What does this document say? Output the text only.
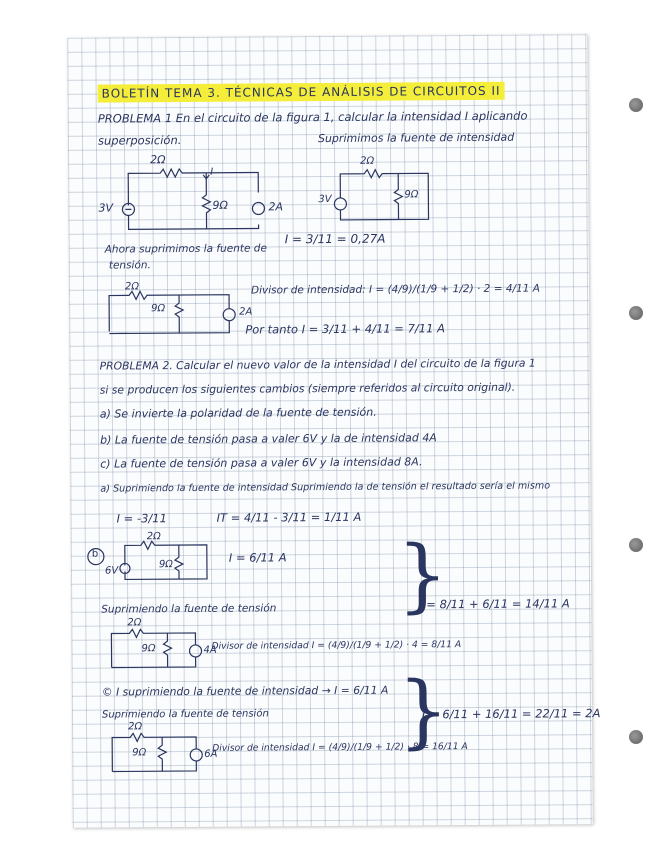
BOLETÍN TEMA 3. TÉCNICAS DE ANÁLISIS DE CIRCUITOS II
PROBLEMA 1 En el circuito de la figura 1, calcular la intensidad I aplicando
superposición.	Suprimimos la fuente de intensidad
2Ω
3V	9Ω	2A
I
2Ω
3V	9Ω
Ahora suprimimos la fuente de
tensión.
I = 3/11 = 0,27A
2Ω
9Ω	2A
Divisor de intensidad: I = (4/9)/(1/9 + 1/2) · 2 = 4/11 A
Por tanto I = 3/11 + 4/11 = 7/11 A
PROBLEMA 2. Calcular el nuevo valor de la intensidad I del circuito de la figura 1
si se producen los siguientes cambios (siempre referidos al circuito original).
a) Se invierte la polaridad de la fuente de tensión.
b) La fuente de tensión pasa a valer 6V y la de intensidad 4A
c) La fuente de tensión pasa a valer 6V y la intensidad 8A.
a) Suprimiendo la fuente de intensidad Suprimiendo la de tensión el resultado sería el mismo
I = -3/11	IT = 4/11 - 3/11 = 1/11 A
b
2Ω
6V
9Ω	I = 6/11 A
Suprimiendo la fuente de tensión
2Ω
9Ω	4A
Divisor de intensidad I = (4/9)/(1/9 + 1/2) · 4 = 8/11 A
}
I = 8/11 + 6/11 = 14/11 A
© I suprimiendo la fuente de intensidad → I = 6/11 A
Suprimiendo la fuente de tensión
2Ω
9Ω	6A
Divisor de intensidad I = (4/9)/(1/9 + 1/2) · 8 = 16/11 A
}
I = 6/11 + 16/11 = 22/11 = 2A
